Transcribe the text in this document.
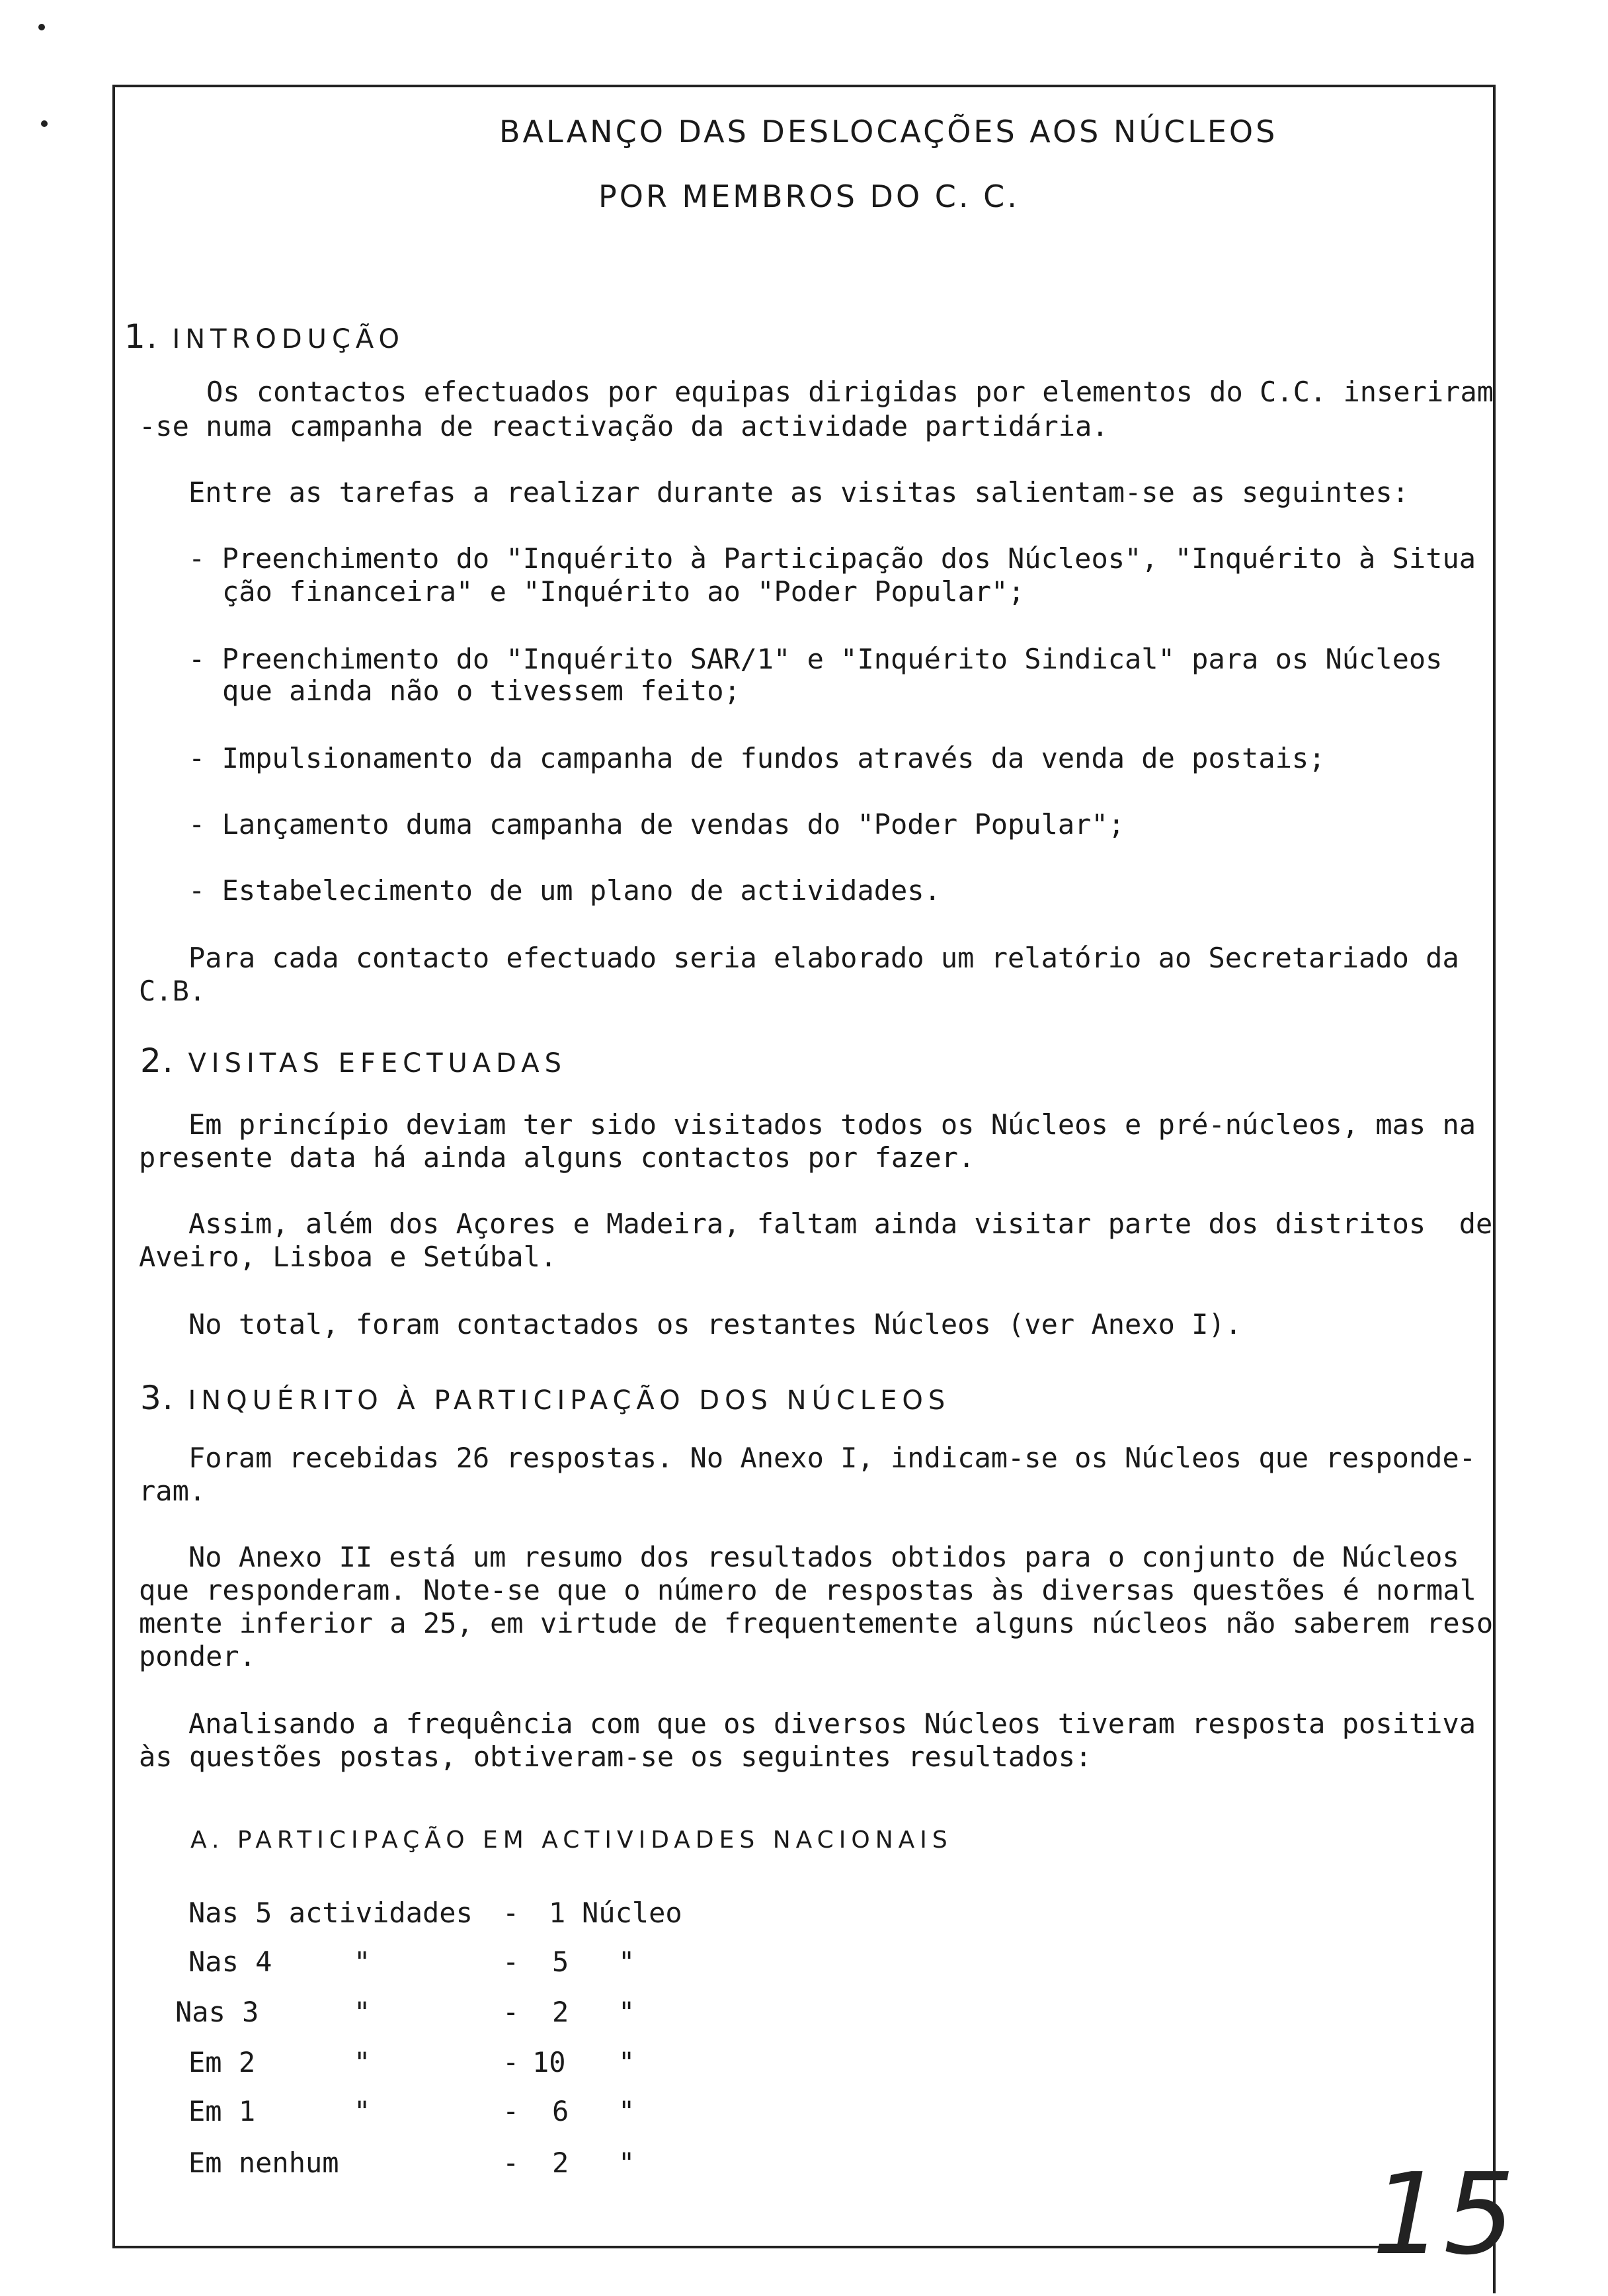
BALANÇO DAS DESLOCAÇÕES AOS NÚCLEOS
POR MEMBROS DO C. C.
1. INTRODUÇÃO
Os contactos efectuados por equipas dirigidas por elementos do C.C. inseriram
-se numa campanha de reactivação da actividade partidária.
Entre as tarefas a realizar durante as visitas salientam-se as seguintes:
- Preenchimento do "Inquérito à Participação dos Núcleos", "Inquérito à Situa
ção financeira" e "Inquérito ao "Poder Popular";
- Preenchimento do "Inquérito SAR/1" e "Inquérito Sindical" para os Núcleos
que ainda não o tivessem feito;
- Impulsionamento da campanha de fundos através da venda de postais;
- Lançamento duma campanha de vendas do "Poder Popular";
- Estabelecimento de um plano de actividades.
Para cada contacto efectuado seria elaborado um relatório ao Secretariado da
C.B.
2. VISITAS EFECTUADAS
Em princípio deviam ter sido visitados todos os Núcleos e pré-núcleos, mas na
presente data há ainda alguns contactos por fazer.
Assim, além dos Açores e Madeira, faltam ainda visitar parte dos distritos  de
Aveiro, Lisboa e Setúbal.
No total, foram contactados os restantes Núcleos (ver Anexo I).
3. INQUÉRITO À PARTICIPAÇÃO DOS NÚCLEOS
Foram recebidas 26 respostas. No Anexo I, indicam-se os Núcleos que responde-
ram.
No Anexo II está um resumo dos resultados obtidos para o conjunto de Núcleos
que responderam. Note-se que o número de respostas às diversas questões é normal
mente inferior a 25, em virtude de frequentemente alguns núcleos não saberem reso
ponder.
Analisando a frequência com que os diversos Núcleos tiveram resposta positiva
às questões postas, obtiveram-se os seguintes resultados:
A. PARTICIPAÇÃO EM ACTIVIDADES NACIONAIS
Nas 5 actividades - 1 Núcleo
Nas 4	"	- 5 "
Nas 3	"	- 2 "
Em 2	"	- 10 "
Em 1	"	- 6 "
Em nenhum	- 2 "	15
